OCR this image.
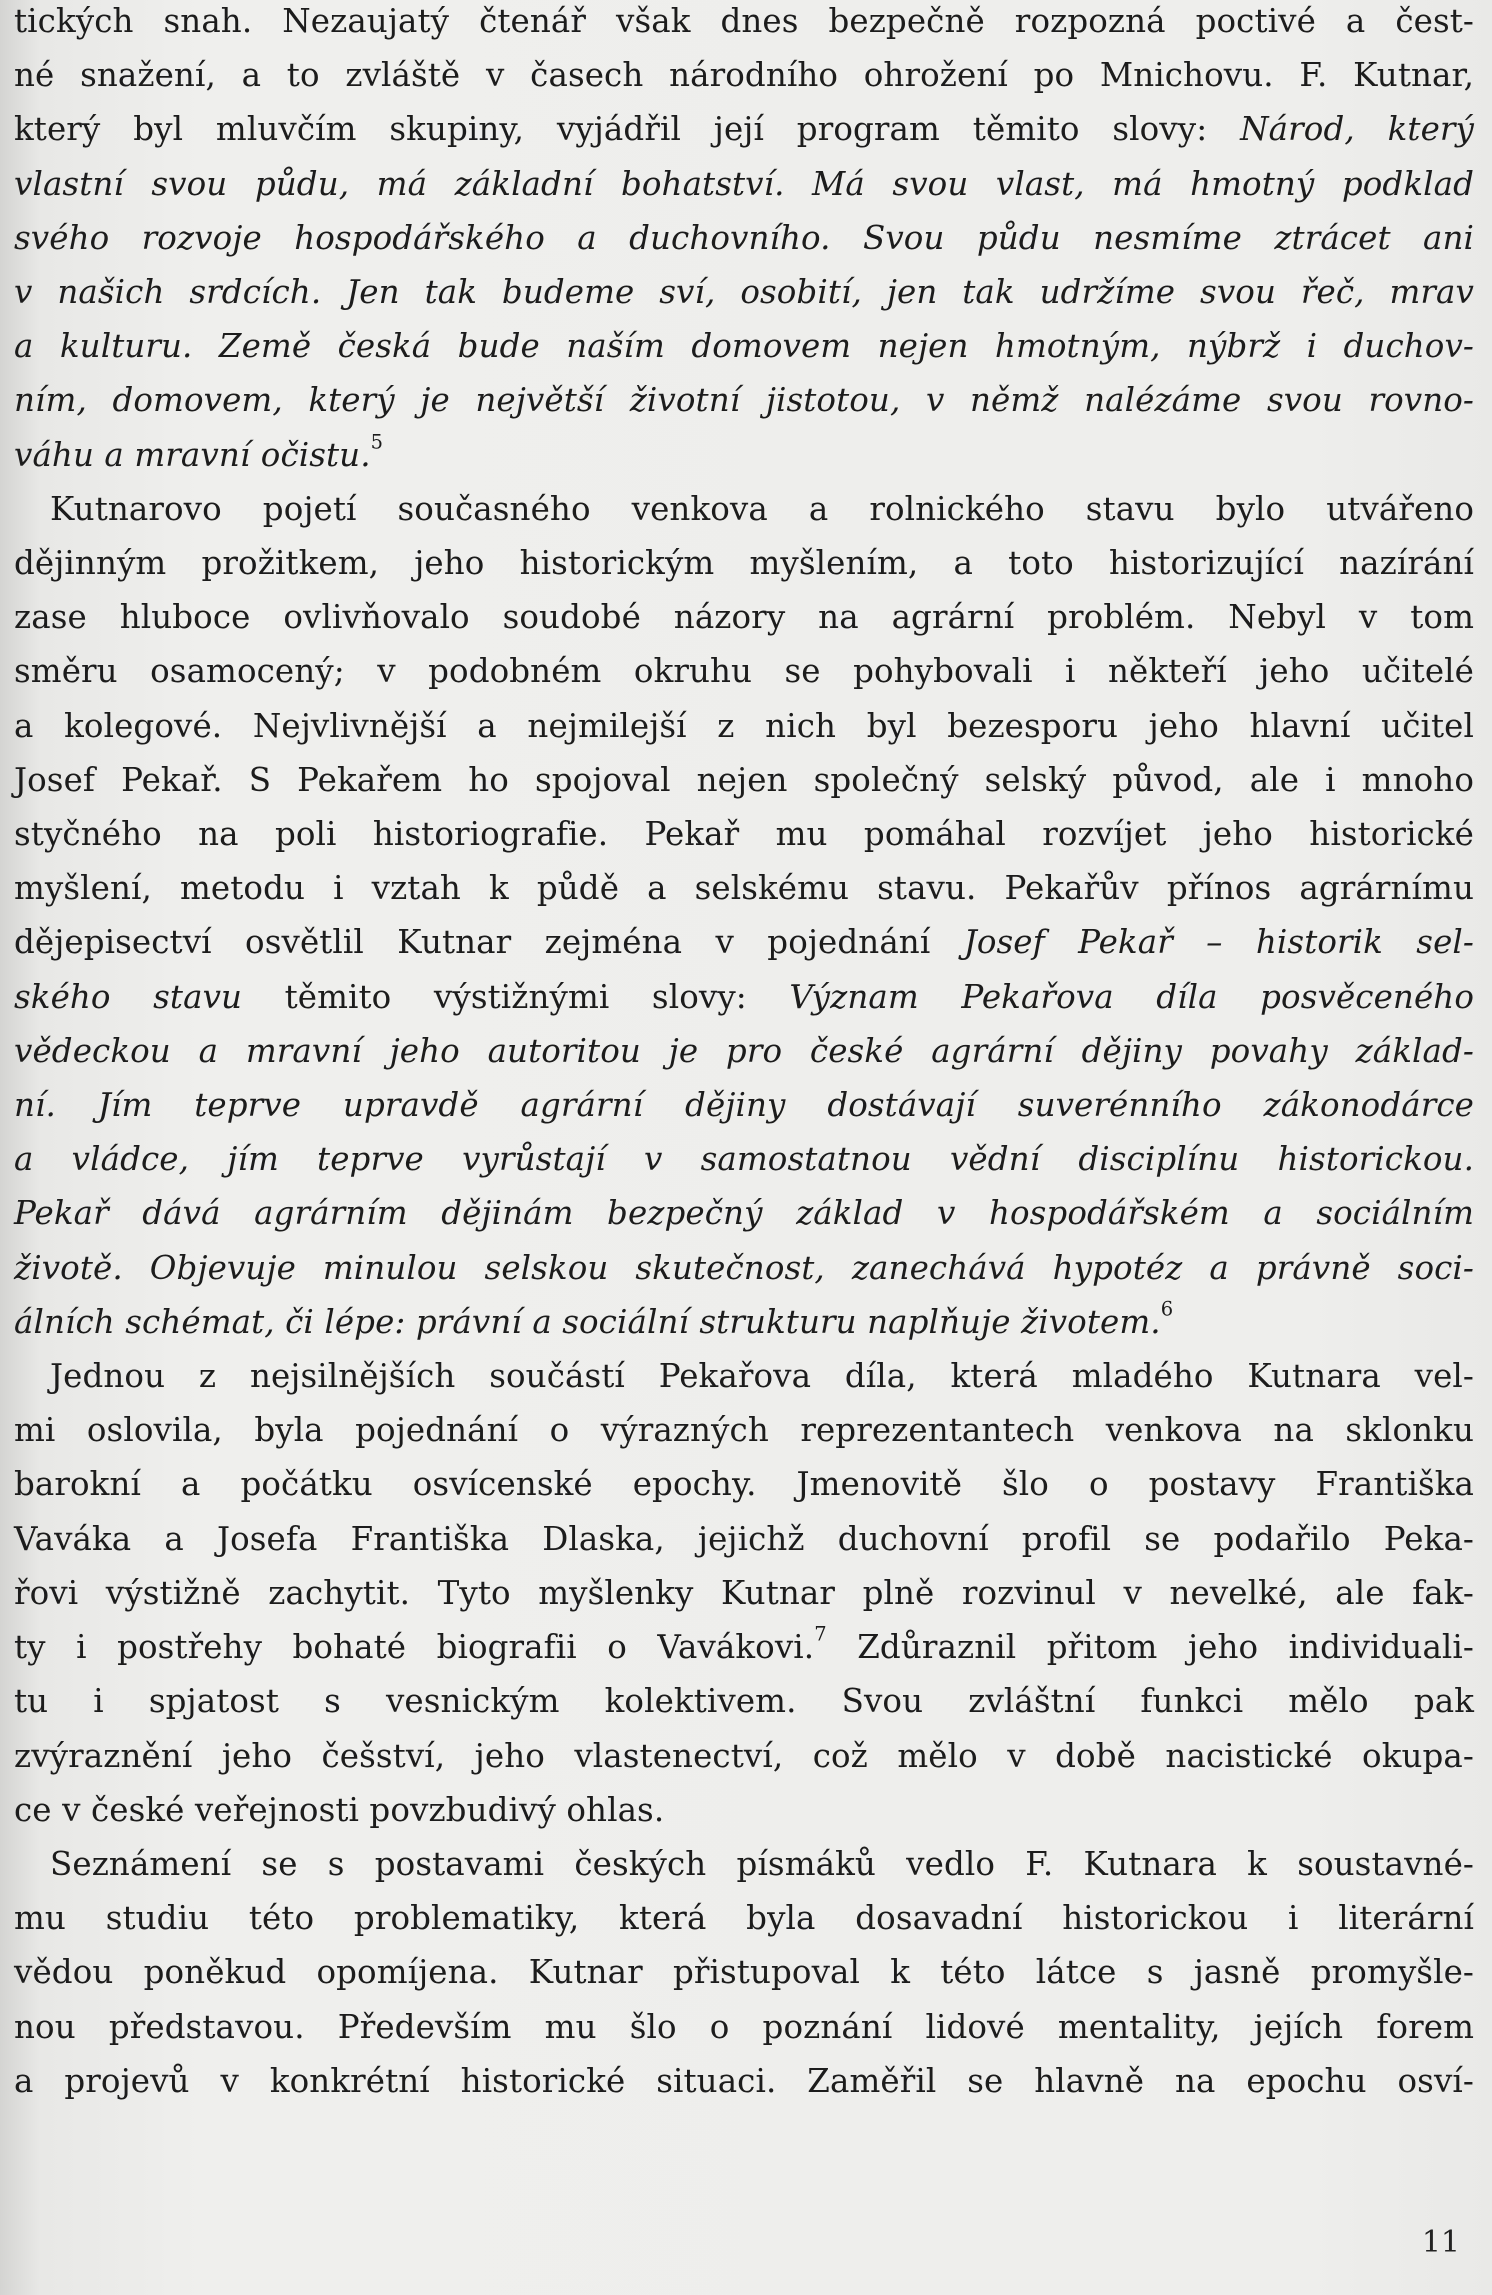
tických snah. Nezaujatý čtenář však dnes bezpečně rozpozná poctivé a čest-
né snažení, a to zvláště v časech národního ohrožení po Mnichovu. F. Kutnar,
který byl mluvčím skupiny, vyjádřil její program těmito slovy: Národ, který
vlastní svou půdu, má základní bohatství. Má svou vlast, má hmotný podklad
svého rozvoje hospodářského a duchovního. Svou půdu nesmíme ztrácet ani
v našich srdcích. Jen tak budeme sví, osobití, jen tak udržíme svou řeč, mrav
a kulturu. Země česká bude naším domovem nejen hmotným, nýbrž i duchov-
ním, domovem, který je největší životní jistotou, v němž nalézáme svou rovno-
váhu a mravní očistu.$^5$
Kutnarovo pojetí současného venkova a rolnického stavu bylo utvářeno
dějinným prožitkem, jeho historickým myšlením, a toto historizující nazírání
zase hluboce ovlivňovalo soudobé názory na agrární problém. Nebyl v tom
směru osamocený; v podobném okruhu se pohybovali i někteří jeho učitelé
a kolegové. Nejvlivnější a nejmilejší z nich byl bezesporu jeho hlavní učitel
Josef Pekař. S Pekařem ho spojoval nejen společný selský původ, ale i mnoho
styčného na poli historiografie. Pekař mu pomáhal rozvíjet jeho historické
myšlení, metodu i vztah k půdě a selskému stavu. Pekařův přínos agrárnímu
dějepisectví osvětlil Kutnar zejména v pojednání Josef Pekař – historik sel-
ského stavu těmito výstižnými slovy: Význam Pekařova díla posvěceného
vědeckou a mravní jeho autoritou je pro české agrární dějiny povahy základ-
ní. Jím teprve upravdě agrární dějiny dostávají suverénního zákonodárce
a vládce, jím teprve vyrůstají v samostatnou vědní disciplínu historickou.
Pekař dává agrárním dějinám bezpečný základ v hospodářském a sociálním
životě. Objevuje minulou selskou skutečnost, zanechává hypotéz a právně soci-
álních schémat, či lépe: právní a sociální strukturu naplňuje životem.$^6$
Jednou z nejsilnějších součástí Pekařova díla, která mladého Kutnara vel-
mi oslovila, byla pojednání o výrazných reprezentantech venkova na sklonku
barokní a počátku osvícenské epochy. Jmenovitě šlo o postavy Františka
Vaváka a Josefa Františka Dlaska, jejichž duchovní profil se podařilo Peka-
řovi výstižně zachytit. Tyto myšlenky Kutnar plně rozvinul v nevelké, ale fak-
ty i postřehy bohaté biografii o Vavákovi.$^7$ Zdůraznil přitom jeho individuali-
tu i spjatost s vesnickým kolektivem. Svou zvláštní funkci mělo pak
zvýraznění jeho češství, jeho vlastenectví, což mělo v době nacistické okupa-
ce v české veřejnosti povzbudivý ohlas.
Seznámení se s postavami českých písmáků vedlo F. Kutnara k soustavné-
mu studiu této problematiky, která byla dosavadní historickou i literární
vědou poněkud opomíjena. Kutnar přistupoval k této látce s jasně promyšle-
nou představou. Především mu šlo o poznání lidové mentality, jejích forem
a projevů v konkrétní historické situaci. Zaměřil se hlavně na epochu osví-
11
